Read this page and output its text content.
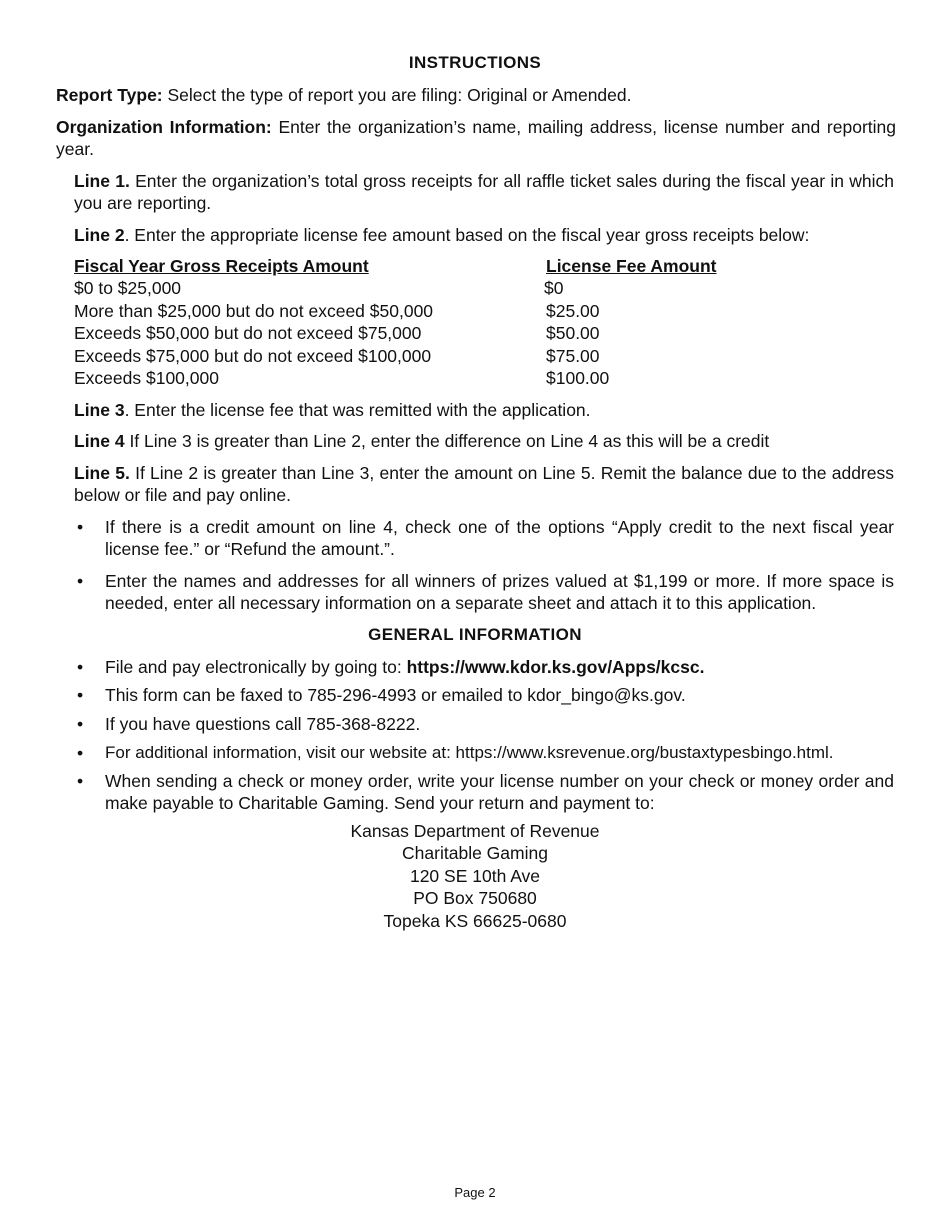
INSTRUCTIONS
Report Type: Select the type of report you are filing: Original or Amended.
Organization Information: Enter the organization’s name, mailing address, license number and reporting year.
Line 1. Enter the organization’s total gross receipts for all raffle ticket sales during the fiscal year in which you are reporting.
Line 2. Enter the appropriate license fee amount based on the fiscal year gross receipts below:
Fiscal Year Gross Receipts Amount	License Fee Amount
$0 to $25,000	$0
More than $25,000 but do not exceed $50,000	$25.00
Exceeds $50,000 but do not exceed $75,000	$50.00
Exceeds $75,000 but do not exceed $100,000	$75.00
Exceeds $100,000	$100.00
Line 3. Enter the license fee that was remitted with the application.
Line 4 If Line 3 is greater than Line 2, enter the difference on Line 4 as this will be a credit
Line 5. If Line 2 is greater than Line 3, enter the amount on Line 5. Remit the balance due to the address below or file and pay online.
• If there is a credit amount on line 4, check one of the options “Apply credit to the next fiscal year license fee.” or “Refund the amount.”.
• Enter the names and addresses for all winners of prizes valued at $1,199 or more. If more space is needed, enter all necessary information on a separate sheet and attach it to this application.
GENERAL INFORMATION
• File and pay electronically by going to: https://www.kdor.ks.gov/Apps/kcsc.
• This form can be faxed to 785-296-4993 or emailed to kdor_bingo@ks.gov.
• If you have questions call 785-368-8222.
• For additional information, visit our website at: https://www.ksrevenue.org/bustaxtypesbingo.html.
• When sending a check or money order, write your license number on your check or money order and make payable to Charitable Gaming. Send your return and payment to:
Kansas Department of Revenue
Charitable Gaming
120 SE 10th Ave
PO Box 750680
Topeka KS 66625-0680
Page 2
